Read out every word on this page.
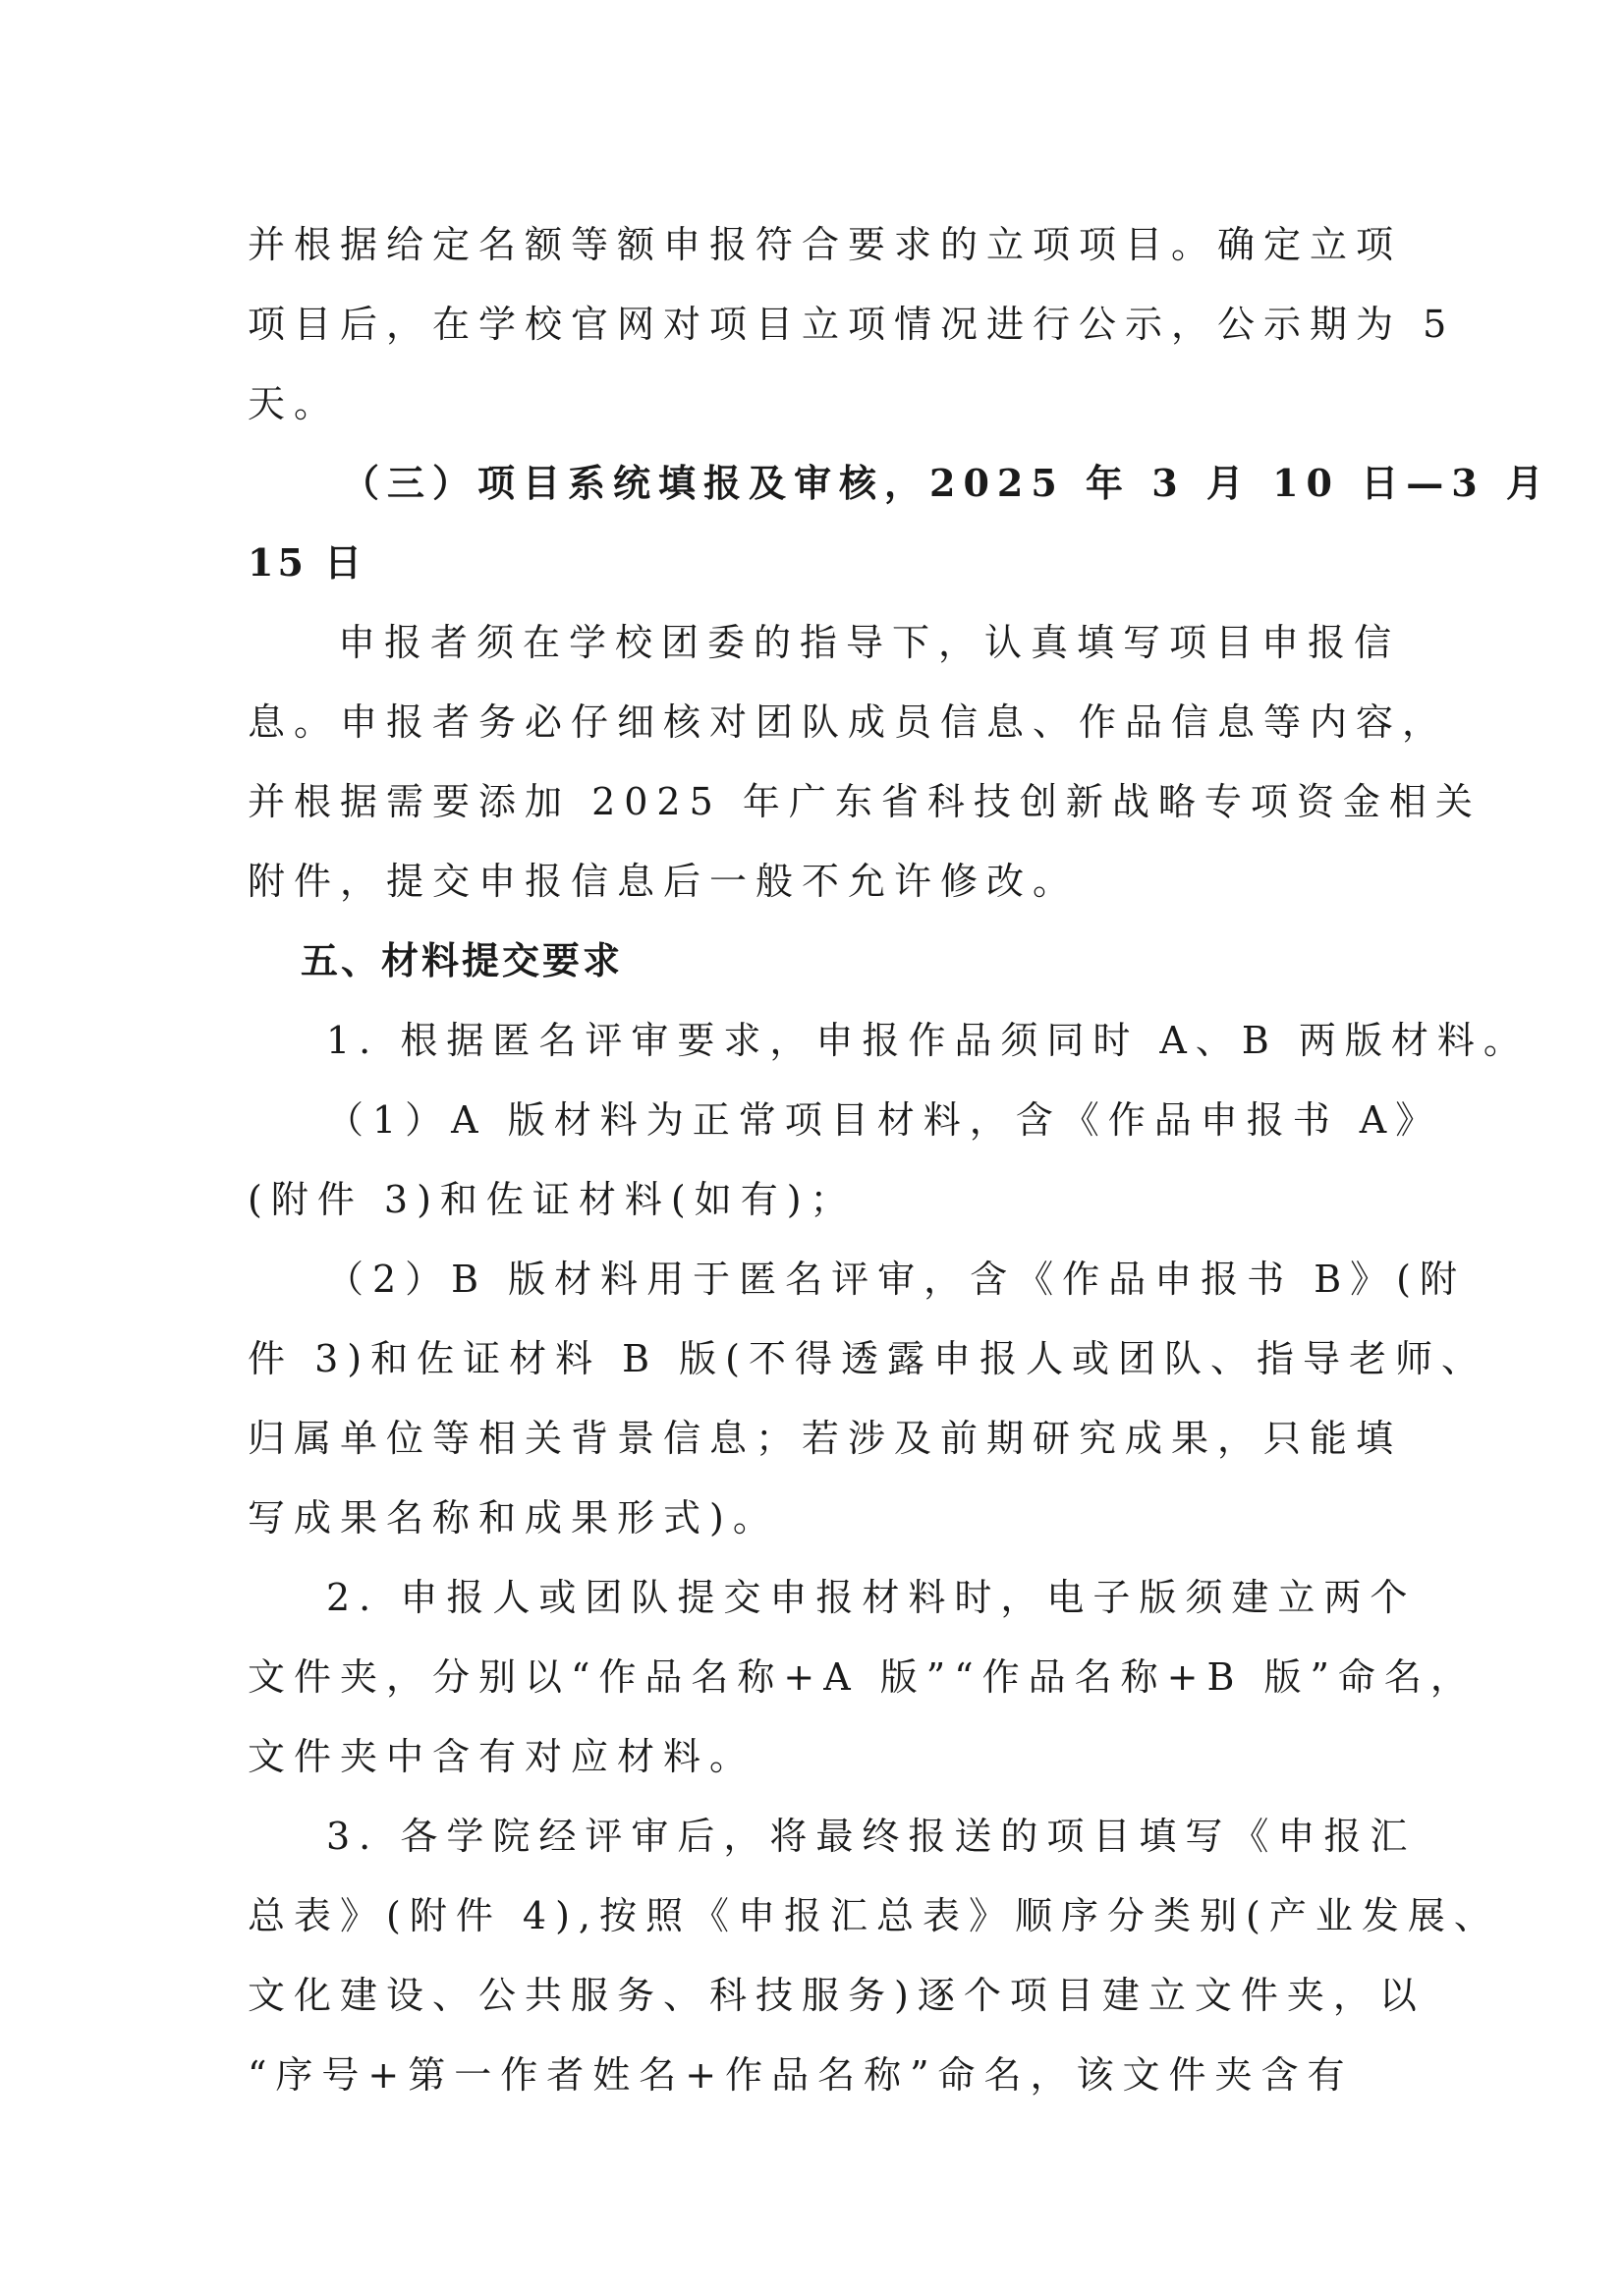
并根据给定名额等额申报符合要求的立项项目。确定立项
项目后，在学校官网对项目立项情况进行公示，公示期为 5
天。
（三）项目系统填报及审核，2025 年 3 月 10 日—3 月
15 日
申报者须在学校团委的指导下，认真填写项目申报信
息。申报者务必仔细核对团队成员信息、作品信息等内容，
并根据需要添加 2025 年广东省科技创新战略专项资金相关
附件，提交申报信息后一般不允许修改。
五、材料提交要求
1. 根据匿名评审要求，申报作品须同时 A、B 两版材料。
（1）A 版材料为正常项目材料，含《作品申报书 A》
(附件 3)和佐证材料(如有)；
（2）B 版材料用于匿名评审，含《作品申报书 B》(附
件 3)和佐证材料 B 版(不得透露申报人或团队、指导老师、
归属单位等相关背景信息；若涉及前期研究成果，只能填
写成果名称和成果形式)。
2. 申报人或团队提交申报材料时，电子版须建立两个
文件夹，分别以“作品名称+A 版”“作品名称+B 版”命名，
文件夹中含有对应材料。
3. 各学院经评审后，将最终报送的项目填写《申报汇
总表》(附件 4),按照《申报汇总表》顺序分类别(产业发展、
文化建设、公共服务、科技服务)逐个项目建立文件夹，以
“序号+第一作者姓名+作品名称”命名，该文件夹含有
